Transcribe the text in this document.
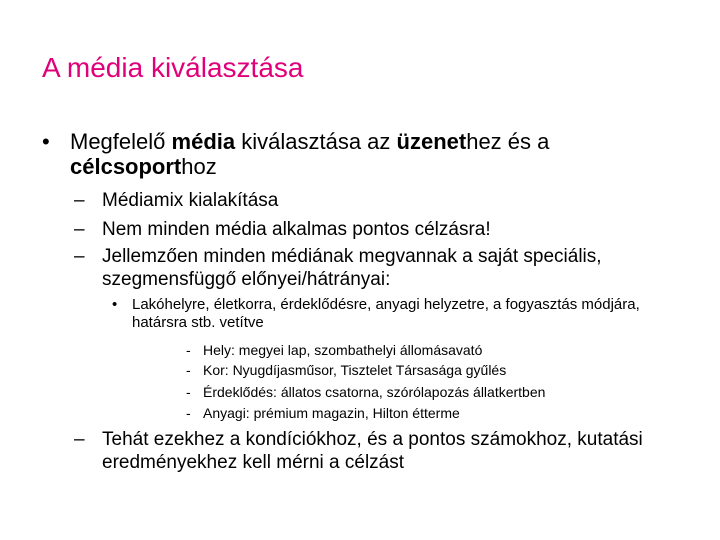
A média kiválasztása
• Megfelelő média kiválasztása az üzenethez és a célcsoporthoz
– Médiamix kialakítása
– Nem minden média alkalmas pontos célzásra!
– Jellemzően minden médiának megvannak a saját speciális, szegmensfüggő előnyei/hátrányai:
• Lakóhelyre, életkorra, érdeklődésre, anyagi helyzetre, a fogyasztás módjára, határsra stb. vetítve
- Hely: megyei lap, szombathelyi állomásavató
- Kor: Nyugdíjasműsor, Tisztelet Társasága gyűlés
- Érdeklődés: állatos csatorna, szórólapozás állatkertben
- Anyagi: prémium magazin, Hilton étterme
– Tehát ezekhez a kondíciókhoz, és a pontos számokhoz, kutatási eredményekhez kell mérni a célzást
